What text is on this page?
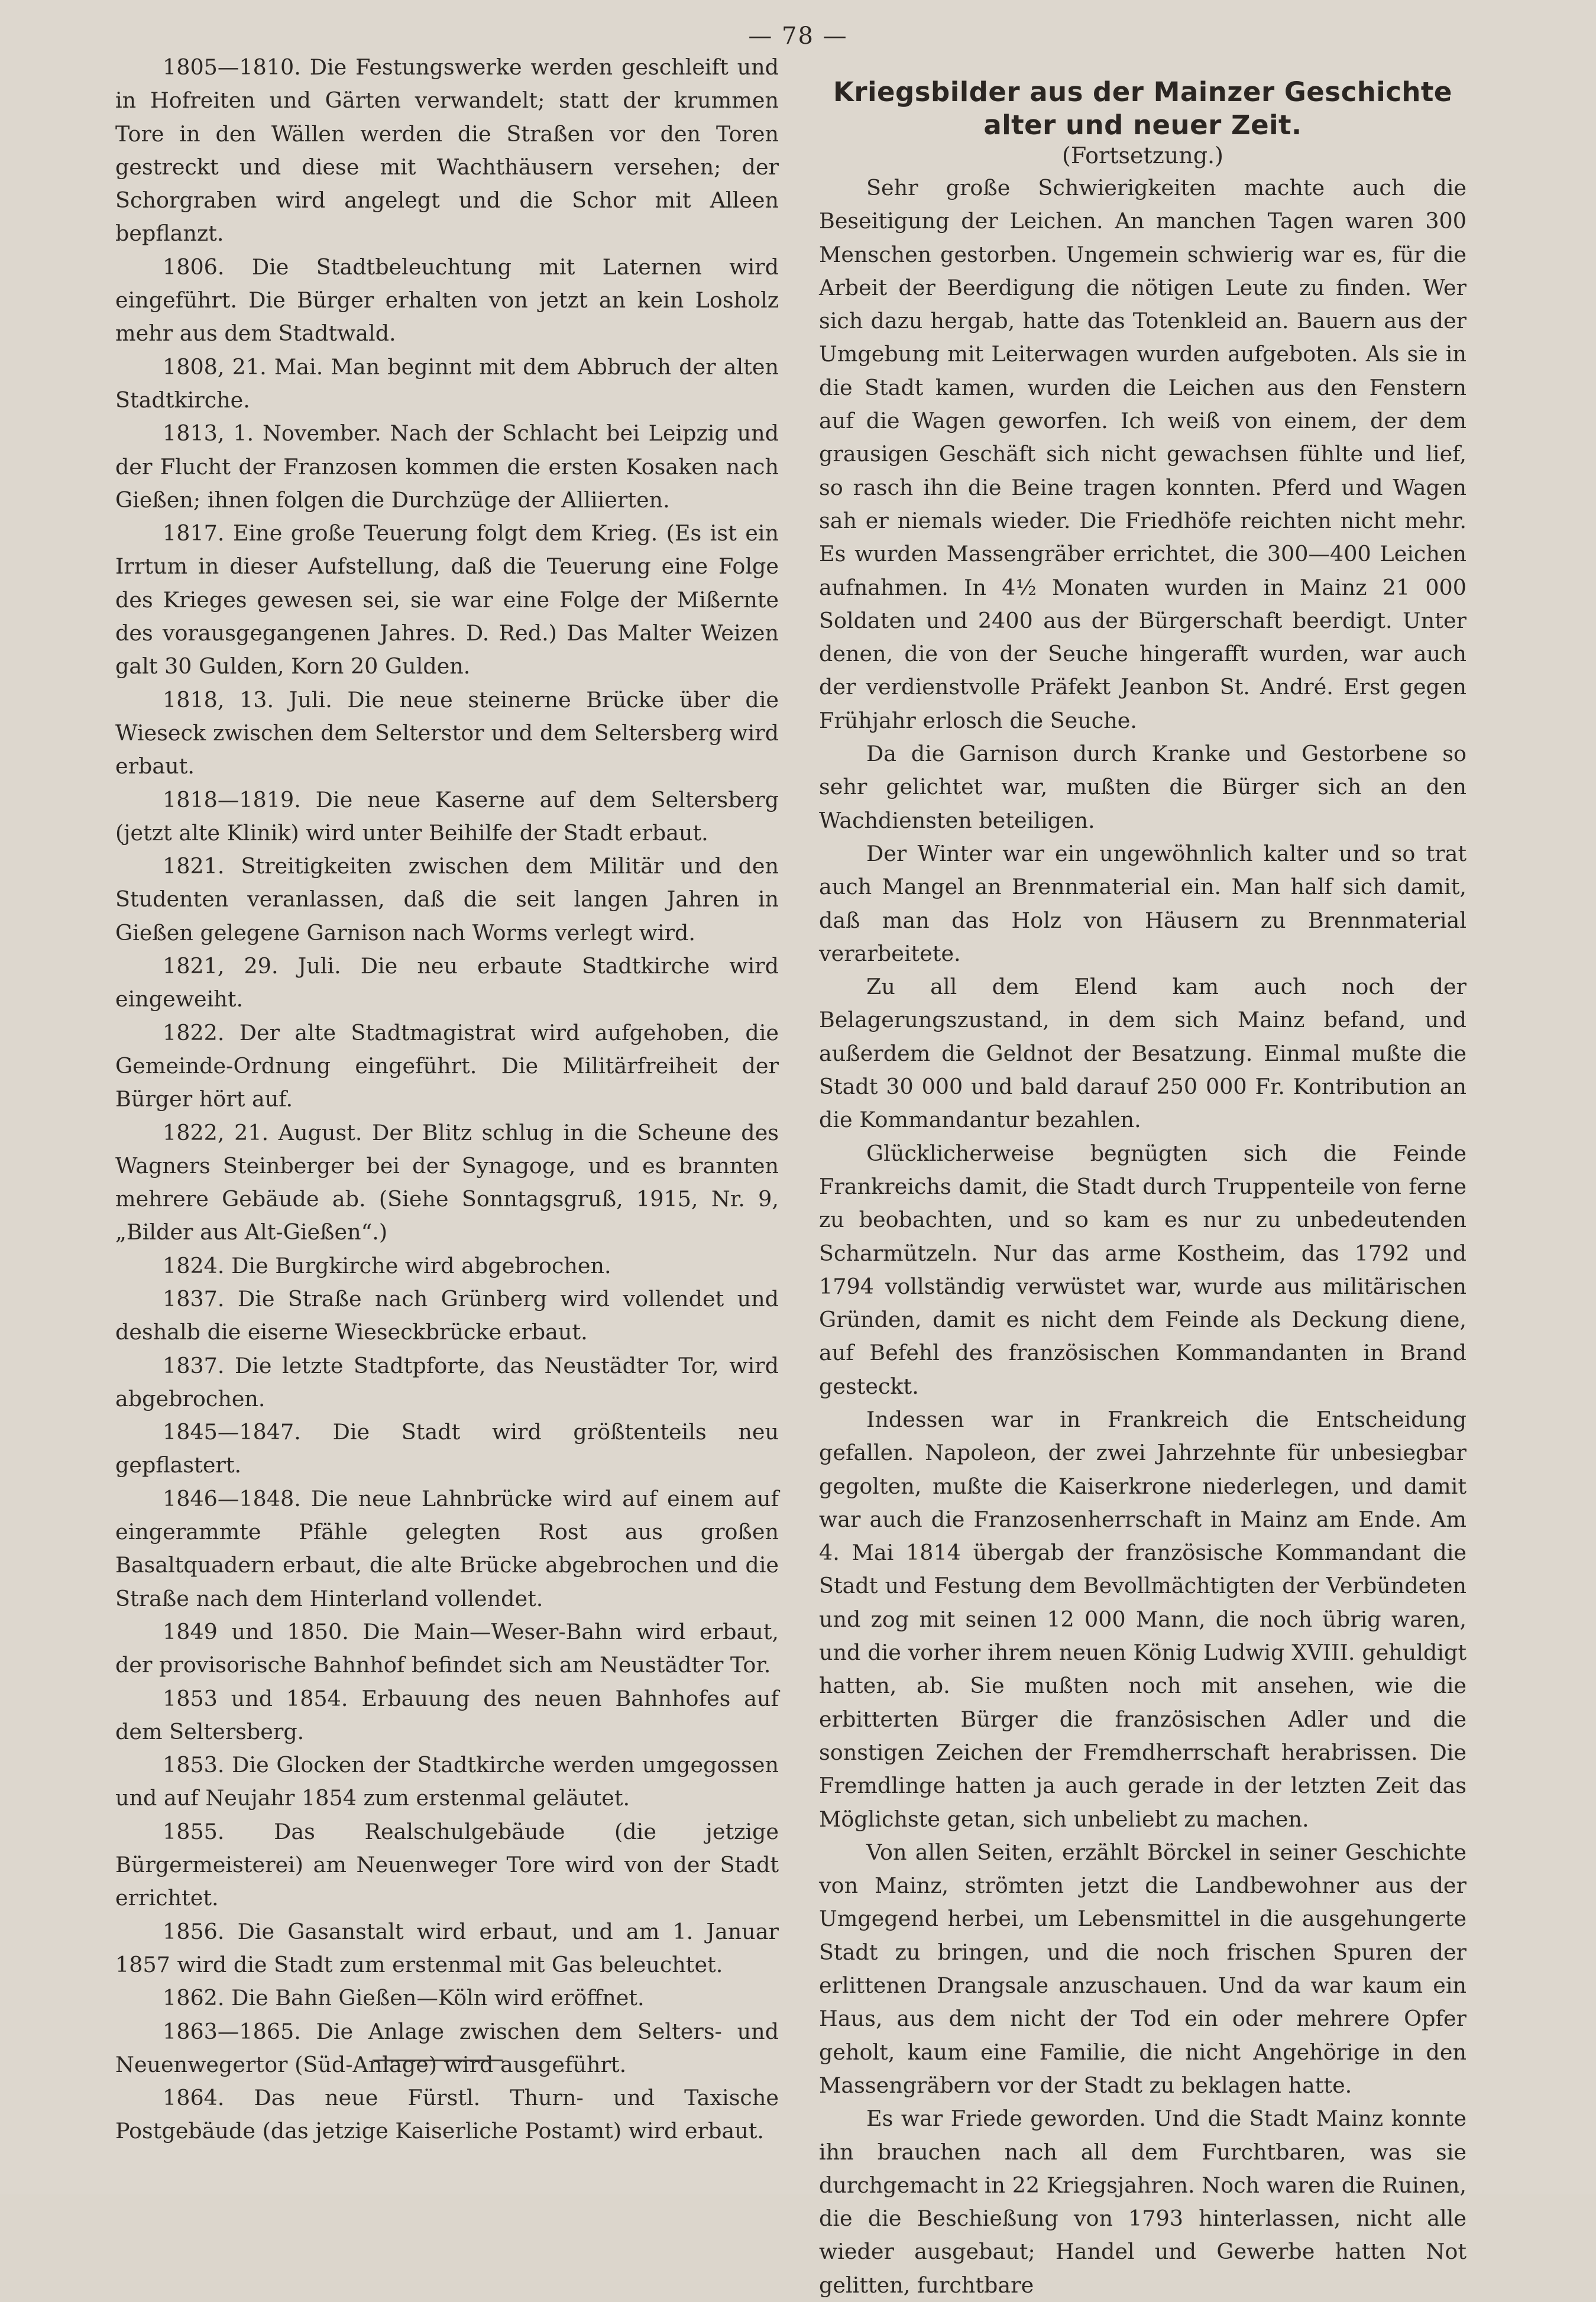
— 78 —

1805—1810. Die Festungswerke werden geschleift und in Hofreiten und Gärten verwandelt; statt der krummen Tore in den Wällen werden die Straßen vor den Toren gestreckt und diese mit Wachthäusern versehen; der Schorgraben wird angelegt und die Schor mit Alleen bepflanzt.

1806. Die Stadtbeleuchtung mit Laternen wird eingeführt. Die Bürger erhalten von jetzt an kein Losholz mehr aus dem Stadtwald.

1808, 21. Mai. Man beginnt mit dem Abbruch der alten Stadtkirche.

1813, 1. November. Nach der Schlacht bei Leipzig und der Flucht der Franzosen kommen die ersten Kosaken nach Gießen; ihnen folgen die Durchzüge der Alliierten.

1817. Eine große Teuerung folgt dem Krieg. (Es ist ein Irrtum in dieser Aufstellung, daß die Teuerung eine Folge des Krieges gewesen sei, sie war eine Folge der Mißernte des vorausgegangenen Jahres. D. Red.) Das Malter Weizen galt 30 Gulden, Korn 20 Gulden.

1818, 13. Juli. Die neue steinerne Brücke über die Wieseck zwischen dem Selterstor und dem Seltersberg wird erbaut.

1818—1819. Die neue Kaserne auf dem Seltersberg (jetzt alte Klinik) wird unter Beihilfe der Stadt erbaut.

1821. Streitigkeiten zwischen dem Militär und den Studenten veranlassen, daß die seit langen Jahren in Gießen gelegene Garnison nach Worms verlegt wird.

1821, 29. Juli. Die neu erbaute Stadtkirche wird eingeweiht.

1822. Der alte Stadtmagistrat wird aufgehoben, die Gemeinde-Ordnung eingeführt. Die Militärfreiheit der Bürger hört auf.

1822, 21. August. Der Blitz schlug in die Scheune des Wagners Steinberger bei der Synagoge, und es brannten mehrere Gebäude ab. (Siehe Sonntagsgruß, 1915, Nr. 9, „Bilder aus Alt-Gießen“.)

1824. Die Burgkirche wird abgebrochen.

1837. Die Straße nach Grünberg wird vollendet und deshalb die eiserne Wieseckbrücke erbaut.

1837. Die letzte Stadtpforte, das Neustädter Tor, wird abgebrochen.

1845—1847. Die Stadt wird größtenteils neu gepflastert.

1846—1848. Die neue Lahnbrücke wird auf einem auf eingerammte Pfähle gelegten Rost aus großen Basaltquadern erbaut, die alte Brücke abgebrochen und die Straße nach dem Hinterland vollendet.

1849 und 1850. Die Main—Weser-Bahn wird erbaut, der provisorische Bahnhof befindet sich am Neustädter Tor.

1853 und 1854. Erbauung des neuen Bahnhofes auf dem Seltersberg.

1853. Die Glocken der Stadtkirche werden umgegossen und auf Neujahr 1854 zum erstenmal geläutet.

1855. Das Realschulgebäude (die jetzige Bürgermeisterei) am Neuenweger Tore wird von der Stadt errichtet.

1856. Die Gasanstalt wird erbaut, und am 1. Januar 1857 wird die Stadt zum erstenmal mit Gas beleuchtet.

1862. Die Bahn Gießen—Köln wird eröffnet.

1863—1865. Die Anlage zwischen dem Selters- und Neuenwegertor (Süd-Anlage) wird ausgeführt.

1864. Das neue Fürstl. Thurn- und Taxische Postgebäude (das jetzige Kaiserliche Postamt) wird erbaut.

Kriegsbilder aus der Mainzer Geschichte alter und neuer Zeit.
(Fortsetzung.)

Sehr große Schwierigkeiten machte auch die Beseitigung der Leichen. An manchen Tagen waren 300 Menschen gestorben. Ungemein schwierig war es, für die Arbeit der Beerdigung die nötigen Leute zu finden. Wer sich dazu hergab, hatte das Totenkleid an. Bauern aus der Umgebung mit Leiterwagen wurden aufgeboten. Als sie in die Stadt kamen, wurden die Leichen aus den Fenstern auf die Wagen geworfen. Ich weiß von einem, der dem grausigen Geschäft sich nicht gewachsen fühlte und lief, so rasch ihn die Beine tragen konnten. Pferd und Wagen sah er niemals wieder. Die Friedhöfe reichten nicht mehr. Es wurden Massengräber errichtet, die 300—400 Leichen aufnahmen. In 4½ Monaten wurden in Mainz 21 000 Soldaten und 2400 aus der Bürgerschaft beerdigt. Unter denen, die von der Seuche hingerafft wurden, war auch der verdienstvolle Präfekt Jeanbon St. André. Erst gegen Frühjahr erlosch die Seuche.

Da die Garnison durch Kranke und Gestorbene so sehr gelichtet war, mußten die Bürger sich an den Wachdiensten beteiligen.

Der Winter war ein ungewöhnlich kalter und so trat auch Mangel an Brennmaterial ein. Man half sich damit, daß man das Holz von Häusern zu Brennmaterial verarbeitete.

Zu all dem Elend kam auch noch der Belagerungszustand, in dem sich Mainz befand, und außerdem die Geldnot der Besatzung. Einmal mußte die Stadt 30 000 und bald darauf 250 000 Fr. Kontribution an die Kommandantur bezahlen.

Glücklicherweise begnügten sich die Feinde Frankreichs damit, die Stadt durch Truppenteile von ferne zu beobachten, und so kam es nur zu unbedeutenden Scharmützeln. Nur das arme Kostheim, das 1792 und 1794 vollständig verwüstet war, wurde aus militärischen Gründen, damit es nicht dem Feinde als Deckung diene, auf Befehl des französischen Kommandanten in Brand gesteckt.

Indessen war in Frankreich die Entscheidung gefallen. Napoleon, der zwei Jahrzehnte für unbesiegbar gegolten, mußte die Kaiserkrone niederlegen, und damit war auch die Franzosenherrschaft in Mainz am Ende. Am 4. Mai 1814 übergab der französische Kommandant die Stadt und Festung dem Bevollmächtigten der Verbündeten und zog mit seinen 12 000 Mann, die noch übrig waren, und die vorher ihrem neuen König Ludwig XVIII. gehuldigt hatten, ab. Sie mußten noch mit ansehen, wie die erbitterten Bürger die französischen Adler und die sonstigen Zeichen der Fremdherrschaft herabrissen. Die Fremdlinge hatten ja auch gerade in der letzten Zeit das Möglichste getan, sich unbeliebt zu machen.

Von allen Seiten, erzählt Börckel in seiner Geschichte von Mainz, strömten jetzt die Landbewohner aus der Umgegend herbei, um Lebensmittel in die ausgehungerte Stadt zu bringen, und die noch frischen Spuren der erlittenen Drangsale anzuschauen. Und da war kaum ein Haus, aus dem nicht der Tod ein oder mehrere Opfer geholt, kaum eine Familie, die nicht Angehörige in den Massengräbern vor der Stadt zu beklagen hatte.

Es war Friede geworden. Und die Stadt Mainz konnte ihn brauchen nach all dem Furchtbaren, was sie durchgemacht in 22 Kriegsjahren. Noch waren die Ruinen, die die Beschießung von 1793 hinterlassen, nicht alle wieder ausgebaut; Handel und Gewerbe hatten Not gelitten, furchtbare
